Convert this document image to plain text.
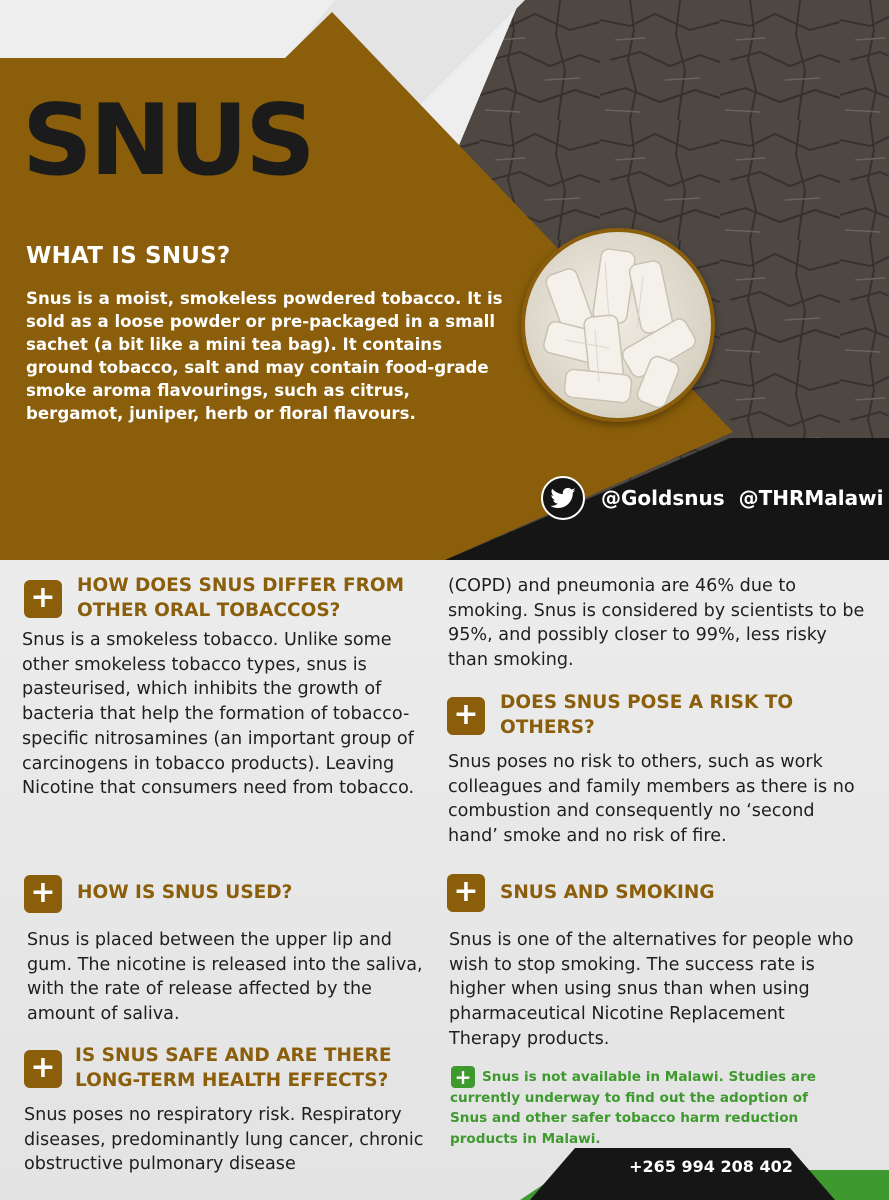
SNUS
WHAT IS SNUS?

Snus is a moist, smokeless powdered tobacco. It is sold as a loose powder or pre-packaged in a small sachet (a bit like a mini tea bag). It contains ground tobacco, salt and may contain food-grade smoke aroma flavourings, such as citrus, bergamot, juniper, herb or floral flavours.

@Goldsnus @THRMalawi
+	HOW DOES SNUS DIFFER FROM OTHER ORAL TOBACCOS?

Snus is a smokeless tobacco. Unlike some other smokeless tobacco types, snus is pasteurised, which inhibits the growth of bacteria that help the formation of tobacco-specific nitrosamines (an important group of carcinogens in tobacco products). Leaving Nicotine that consumers need from tobacco.

+	HOW IS SNUS USED?

Snus is placed between the upper lip and gum. The nicotine is released into the saliva, with the rate of release affected by the amount of saliva.

+	IS SNUS SAFE AND ARE THERE LONG-TERM HEALTH EFFECTS?

Snus poses no respiratory risk. Respiratory diseases, predominantly lung cancer, chronic obstructive pulmonary disease

(COPD) and pneumonia are 46% due to smoking. Snus is considered by scientists to be 95%, and possibly closer to 99%, less risky than smoking.

+	DOES SNUS POSE A RISK TO OTHERS?

Snus poses no risk to others, such as work colleagues and family members as there is no combustion and consequently no ‘second hand’ smoke and no risk of fire.

+	SNUS AND SMOKING

Snus is one of the alternatives for people who wish to stop smoking. The success rate is higher when using snus than when using pharmaceutical Nicotine Replacement Therapy products.

+ Snus is not available in Malawi. Studies are currently underway to find out the adoption of Snus and other safer tobacco harm reduction products in Malawi.

+265 994 208 402
